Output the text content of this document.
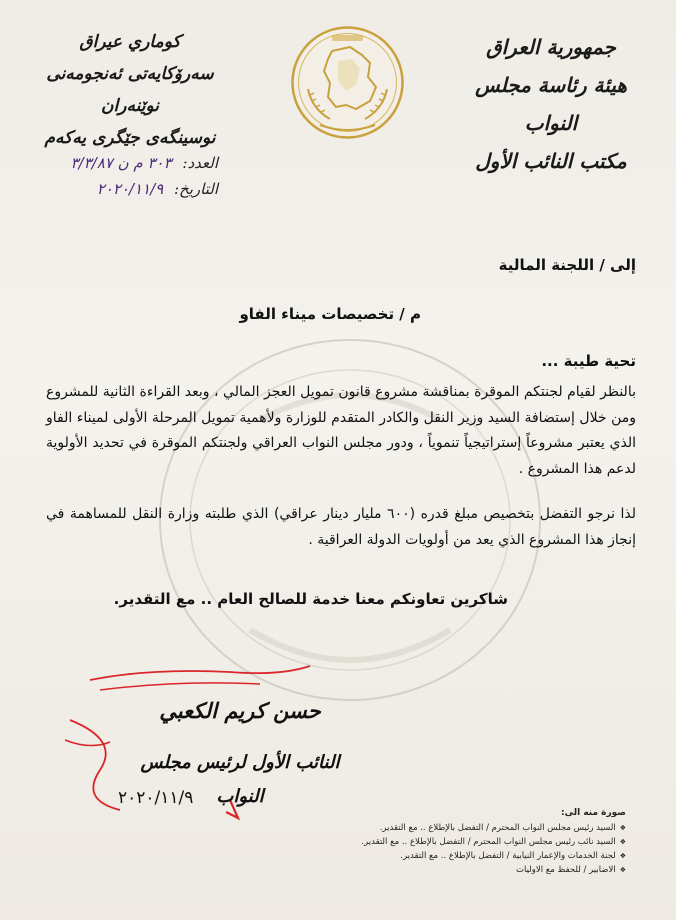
جمهورية العراق
هيئة رئاسة مجلس النواب
مكتب النائب الأول
كوماري عيراق
سەرۆكايەتى ئەنجومەنى نوێنەران
نوسينگەى جێگرى يەكەم
العدد: ٣٠٣ م ن ٣/٣/٨٧
التاريخ: ٢٠٢٠/١١/٩
إلى / اللجنة المالية
م / تخصيصات ميناء الفاو
تحية طيبة ...

بالنظر لقيام لجنتكم الموقرة بمناقشة مشروع قانون تمويل العجز المالي ، وبعد القراءة الثانية للمشروع ومن خلال إستضافة السيد وزير النقل والكادر المتقدم للوزارة ولأهمية تمويل المرحلة الأولى لميناء الفاو الذي يعتبر مشروعاً إستراتيجياً تنموياً ، ودور مجلس النواب العراقي ولجنتكم الموقرة في تحديد الأولوية لدعم هذا المشروع .

لذا نرجو التفضل بتخصيص مبلغ قدره (٦٠٠ مليار دينار عراقي) الذي طلبته وزارة النقل للمساهمة في إنجاز هذا المشروع الذي يعد من أولويات الدولة العراقية .

شاكرين تعاونكم معنا خدمة للصالح العام .. مع التقدير.
حسن كريم الكعبي
النائب الأول لرئيس مجلس النواب
٢٠٢٠/١١/٩
صورة منه الى:
❖ السيد رئيس مجلس النواب المحترم / التفضل بالإطلاع .. مع التقدير.
❖ السيد نائب رئيس مجلس النواب المحترم / التفضل بالإطلاع .. مع التقدير.
❖ لجنة الخدمات والإعمار النيابية / التفضل بالإطلاع .. مع التقدير.
❖ الاضابير / للحفظ مع الاوليات
